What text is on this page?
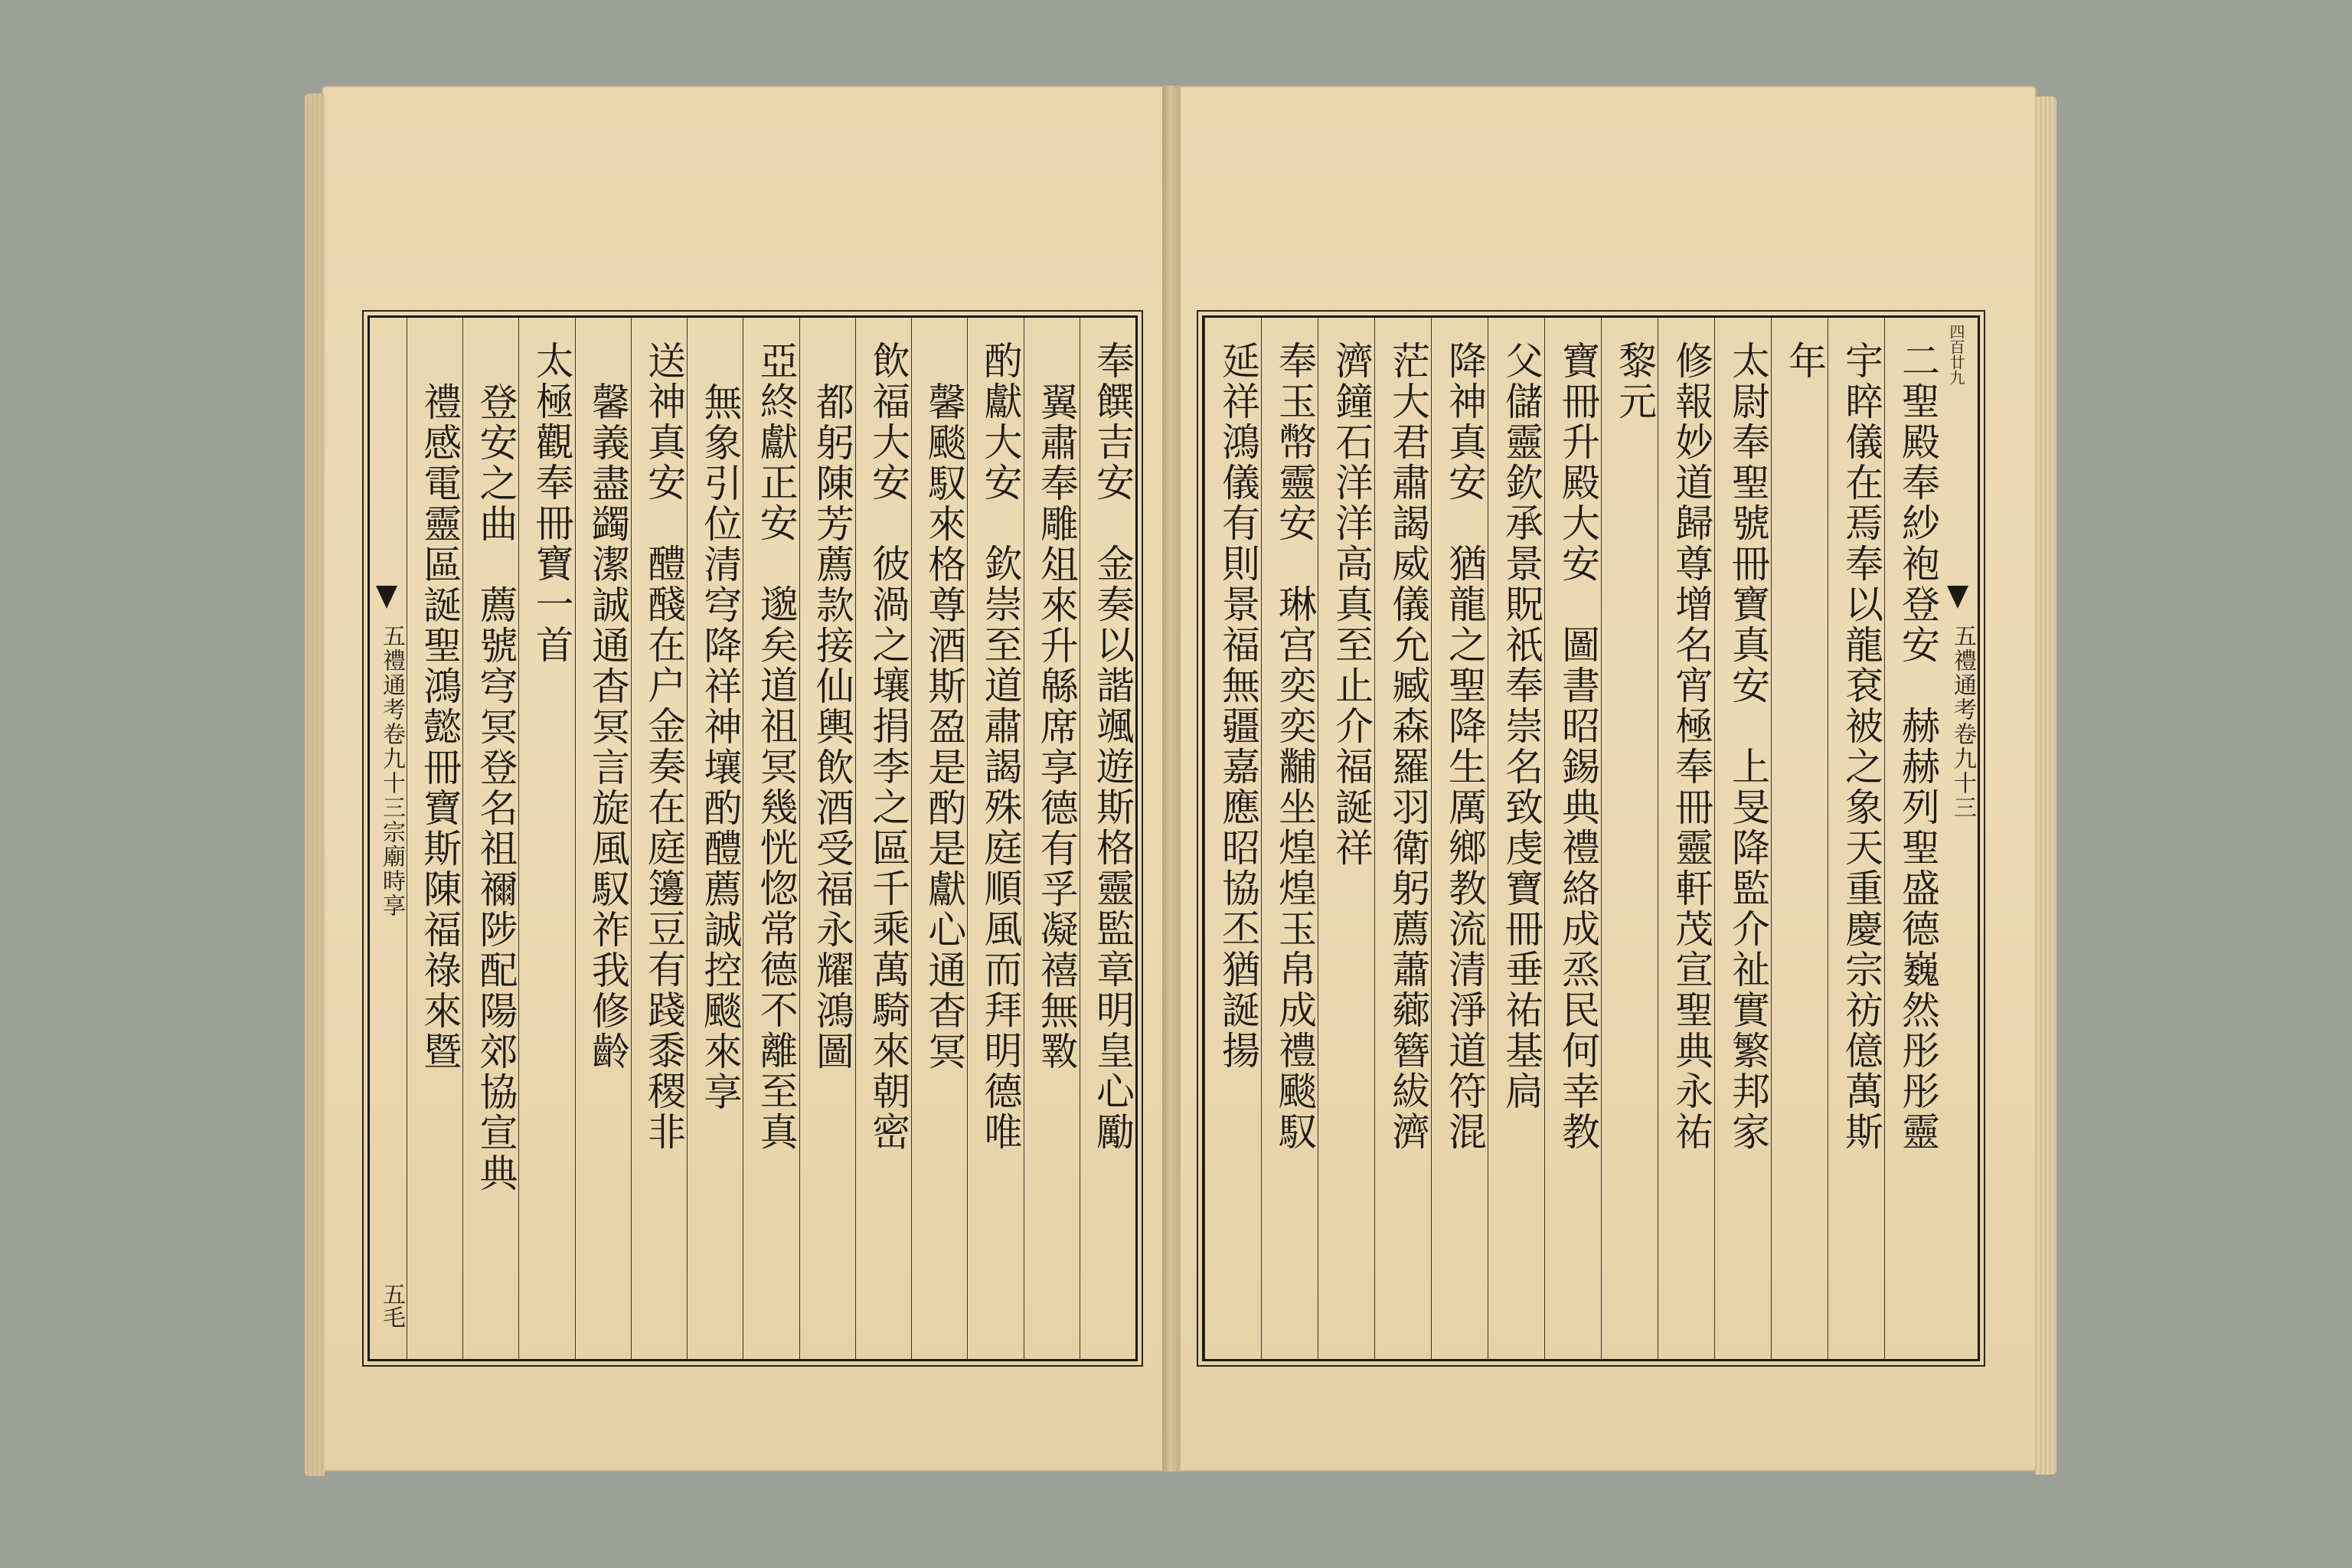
五禮通考卷九十三宗廟時享
五毛
奉饌吉安　金奏以諧颯遊斯格靈監章明皇心勵
翼肅奉雕俎來升緜席享德有孚凝禧無斁
酌獻大安　欽崇至道肅謁殊庭順風而拜明德唯
馨颷馭來格尊酒斯盈是酌是獻心通杳冥
飲福大安　彼渦之壤捐李之區千乘萬騎來朝密
都躬陳芳薦款接仙輿飲酒受福永耀鴻圖
亞終獻正安　邈矣道祖冥幾恍惚常德不離至真
無象引位清穹降祥神壤酌醴薦誠控颷來享
送神真安　醴醆在户金奏在庭籩豆有踐黍稷非
馨義盡蠲潔誠通杳冥言旋風馭祚我修齡
太極觀奉冊寶一首
登安之曲　薦號穹冥登名祖禰陟配陽郊協宣典
禮感電靈區誕聖鴻懿冊寶斯陳福祿來暨	五禮通考卷九十三
四百廿九
二聖殿奉紗袍登安　赫赫列聖盛德巍然彤彤靈
宇睟儀在焉奉以龍袞被之象天重慶宗祊億萬斯
年
太尉奉聖號冊寶真安　上旻降監介祉實繁邦家
修報妙道歸尊增名宵極奉冊靈軒茂宣聖典永祐
黎元
寶冊升殿大安　圖書昭錫典禮絡成烝民何幸教
父儲靈欽承景貺祇奉崇名致虔寶冊垂祐基扃
降神真安　猶龍之聖降生厲鄉教流清淨道符混
茫大君肅謁威儀允臧森羅羽衛躬薦蕭薌簪紱濟
濟鐘石洋洋高真至止介福誕祥
奉玉幣靈安　琳宫奕奕黼坐煌煌玉帛成禮颷馭
延祥鴻儀有則景福無疆嘉應昭協丕猶誕揚
